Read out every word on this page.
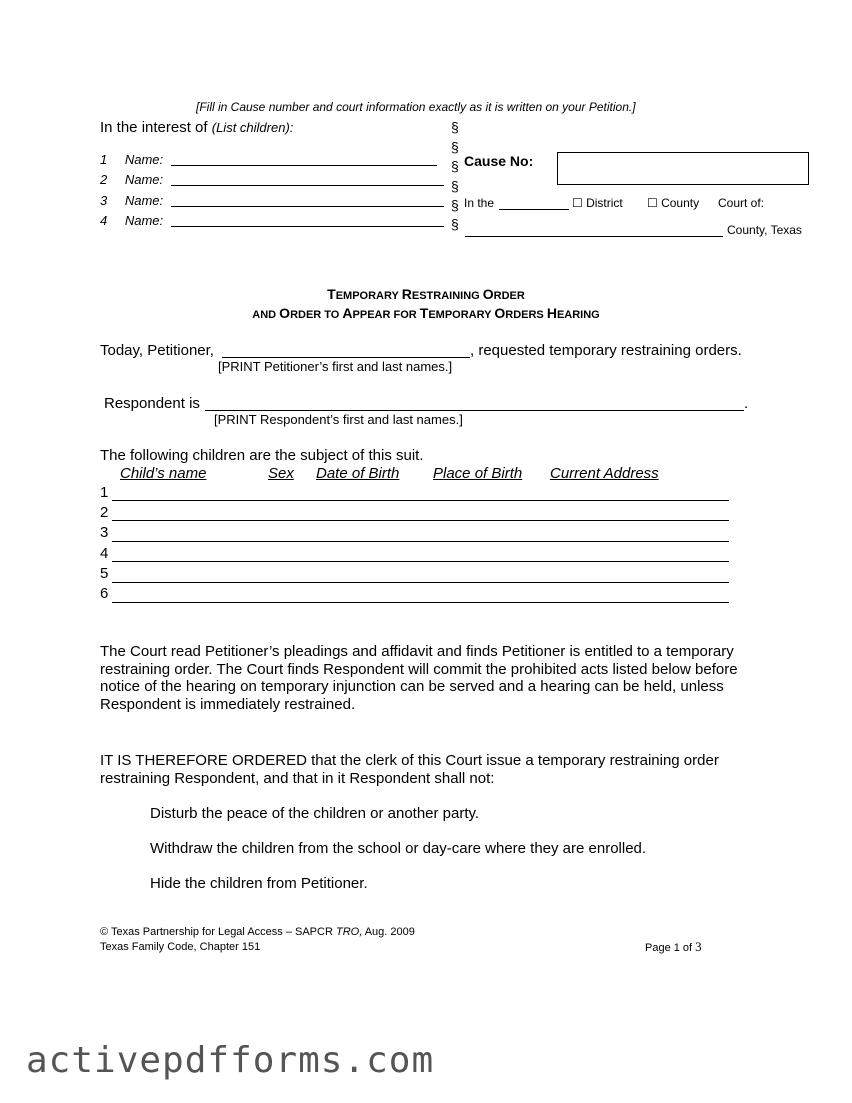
[Fill in Cause number and court information exactly as it is written on your Petition.]
In the interest of (List children):
1 Name:
2 Name:
3 Name:
4 Name:
§
§
§
§
§
§
Cause No:
In the	☐ District ☐ County Court of:
County, Texas
TEMPORARY RESTRAINING ORDER
AND ORDER TO APPEAR FOR TEMPORARY ORDERS HEARING
Today, Petitioner,	, requested temporary restraining orders.
[PRINT Petitioner’s first and last names.]
Respondent is	.
[PRINT Respondent’s first and last names.]
The following children are the subject of this suit.
Child’s name	Sex Date of Birth Place of Birth Current Address
1
2
3
4
5
6
The Court read Petitioner’s pleadings and affidavit and finds Petitioner is entitled to a temporary restraining order. The Court finds Respondent will commit the prohibited acts listed below before notice of the hearing on temporary injunction can be served and a hearing can be held, unless Respondent is immediately restrained.
IT IS THEREFORE ORDERED that the clerk of this Court issue a temporary restraining order restraining Respondent, and that in it Respondent shall not:
Disturb the peace of the children or another party.
Withdraw the children from the school or day-care where they are enrolled.
Hide the children from Petitioner.
© Texas Partnership for Legal Access – SAPCR TRO, Aug. 2009
Texas Family Code, Chapter 151	Page 1 of 3
activepdfforms.com
